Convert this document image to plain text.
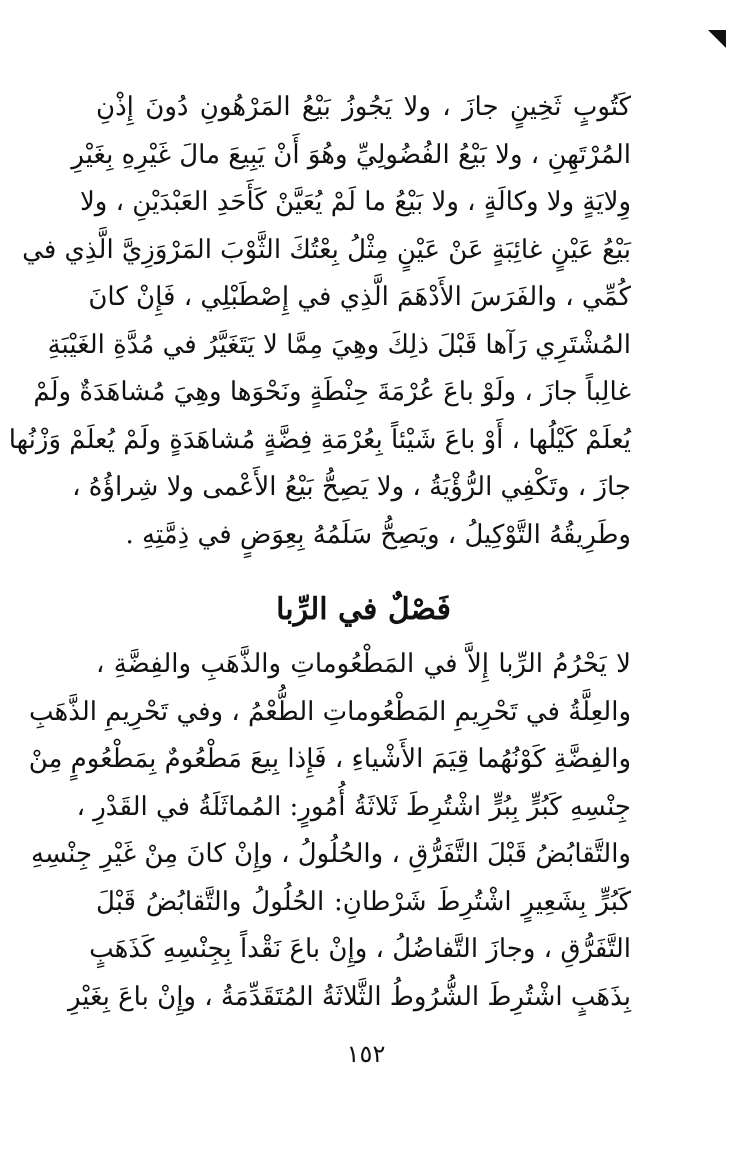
كَتُوبٍ ثَخِينٍ جازَ ، ولا يَجُوزُ بَيْعُ المَرْهُونِ دُونَ إِذْنِ
المُرْتَهِنِ ، ولا بَيْعُ الفُضُولِيِّ وهُوَ أَنْ يَبِيعَ مالَ غَيْرِهِ بِغَيْرِ
وِلايَةٍ ولا وكالَةٍ ، ولا بَيْعُ ما لَمْ يُعَيَّنْ كَأَحَدِ العَبْدَيْنِ ، ولا
بَيْعُ عَيْنٍ غائِبَةٍ عَنْ عَيْنٍ مِثْلُ بِعْتُكَ الثَّوْبَ المَرْوَزِيَّ الَّذِي في
كُمِّي ، والفَرَسَ الأَدْهَمَ الَّذِي في إِصْطَبْلِي ، فَإِنْ كانَ
المُشْتَرِي رَآها قَبْلَ ذلِكَ وهِيَ مِمَّا لا يَتَغَيَّرُ في مُدَّةِ الغَيْبَةِ
غالِباً جازَ ، ولَوْ باعَ عُرْمَةَ حِنْطَةٍ ونَحْوَها وهِيَ مُشاهَدَةٌ ولَمْ
يُعلَمْ كَيْلُها ، أَوْ باعَ شَيْئاً بِعُرْمَةِ فِضَّةٍ مُشاهَدَةٍ ولَمْ يُعلَمْ وَزْنُها
جازَ ، وتَكْفِي الرُّؤْيَةُ ، ولا يَصِحُّ بَيْعُ الأَعْمى ولا شِراؤُهُ ،
وطَرِيقُهُ التَّوْكِيلُ ، ويَصِحُّ سَلَمُهُ بِعِوَضٍ في ذِمَّتِهِ .
فَصْلٌ في الرِّبا
لا يَحْرُمُ الرِّبا إِلاَّ في المَطْعُوماتِ والذَّهَبِ والفِضَّةِ ،
والعِلَّةُ في تَحْرِيمِ المَطْعُوماتِ الطُّعْمُ ، وفي تَحْرِيمِ الذَّهَبِ
والفِضَّةِ كَوْنُهُما قِيَمَ الأَشْياءِ ، فَإِذا بِيعَ مَطْعُومٌ بِمَطْعُومٍ مِنْ
جِنْسِهِ كَبُرٍّ بِبُرٍّ اشْتُرِطَ ثَلاثَةُ أُمُورٍ: المُماثَلَةُ في القَدْرِ ،
والتَّقابُضُ قَبْلَ التَّفَرُّقِ ، والحُلُولُ ، وإِنْ كانَ مِنْ غَيْرِ جِنْسِهِ
كَبُرٍّ بِشَعِيرٍ اشْتُرِطَ شَرْطانِ: الحُلُولُ والتَّقابُضُ قَبْلَ
التَّفَرُّقِ ، وجازَ التَّفاضُلُ ، وإِنْ باعَ نَقْداً بِجِنْسِهِ كَذَهَبٍ
بِذَهَبٍ اشْتُرِطَ الشُّرُوطُ الثَّلاثَةُ المُتَقَدِّمَةُ ، وإِنْ باعَ بِغَيْرِ
١٥٢
